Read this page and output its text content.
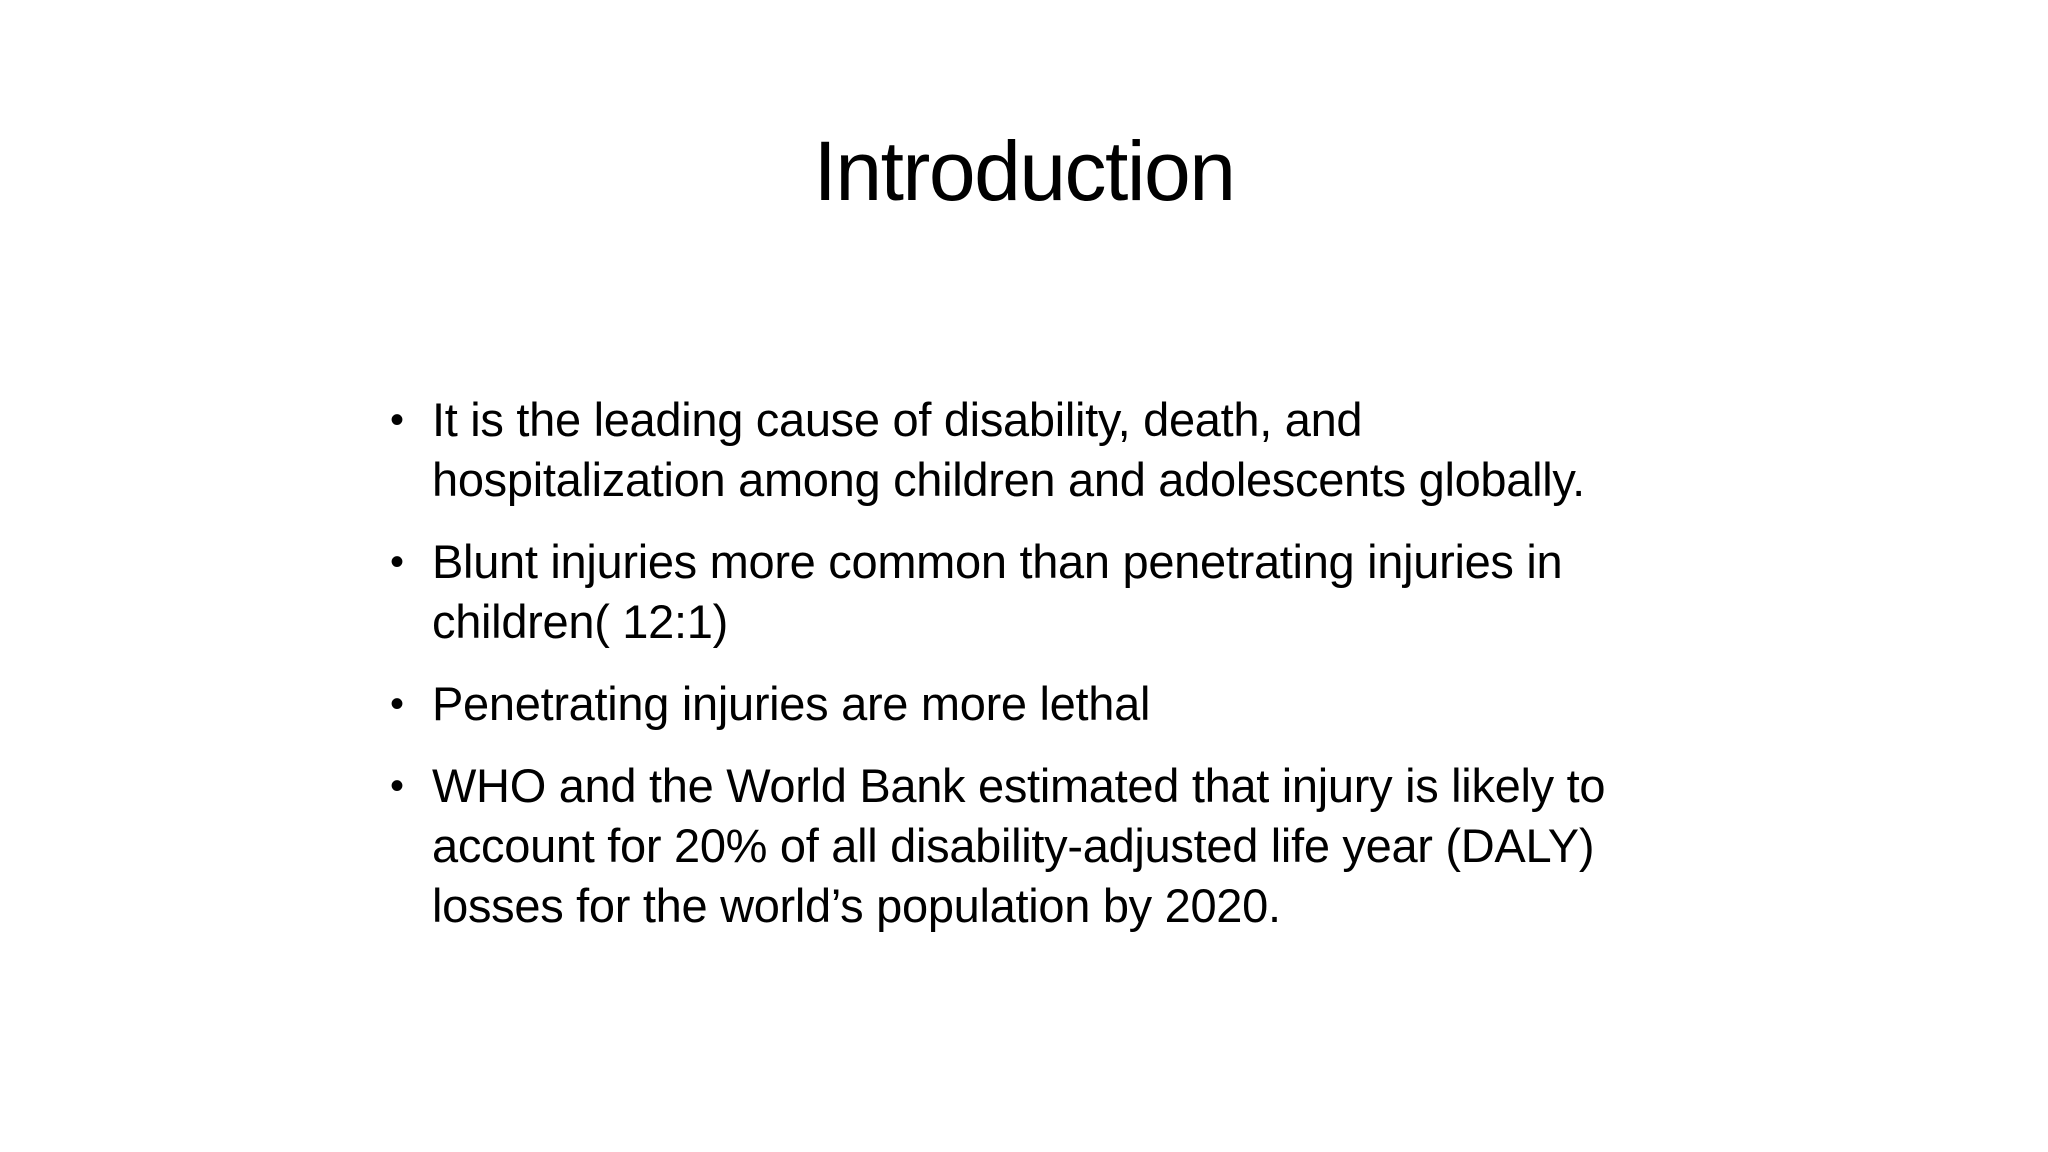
Introduction
• It is the leading cause of disability, death, and
hospitalization among children and adolescents globally.
• Blunt injuries more common than penetrating injuries in
children( 12:1)
• Penetrating injuries are more lethal
• WHO and the World Bank estimated that injury is likely to
account for 20% of all disability-adjusted life year (DALY)
losses for the world’s population by 2020.
